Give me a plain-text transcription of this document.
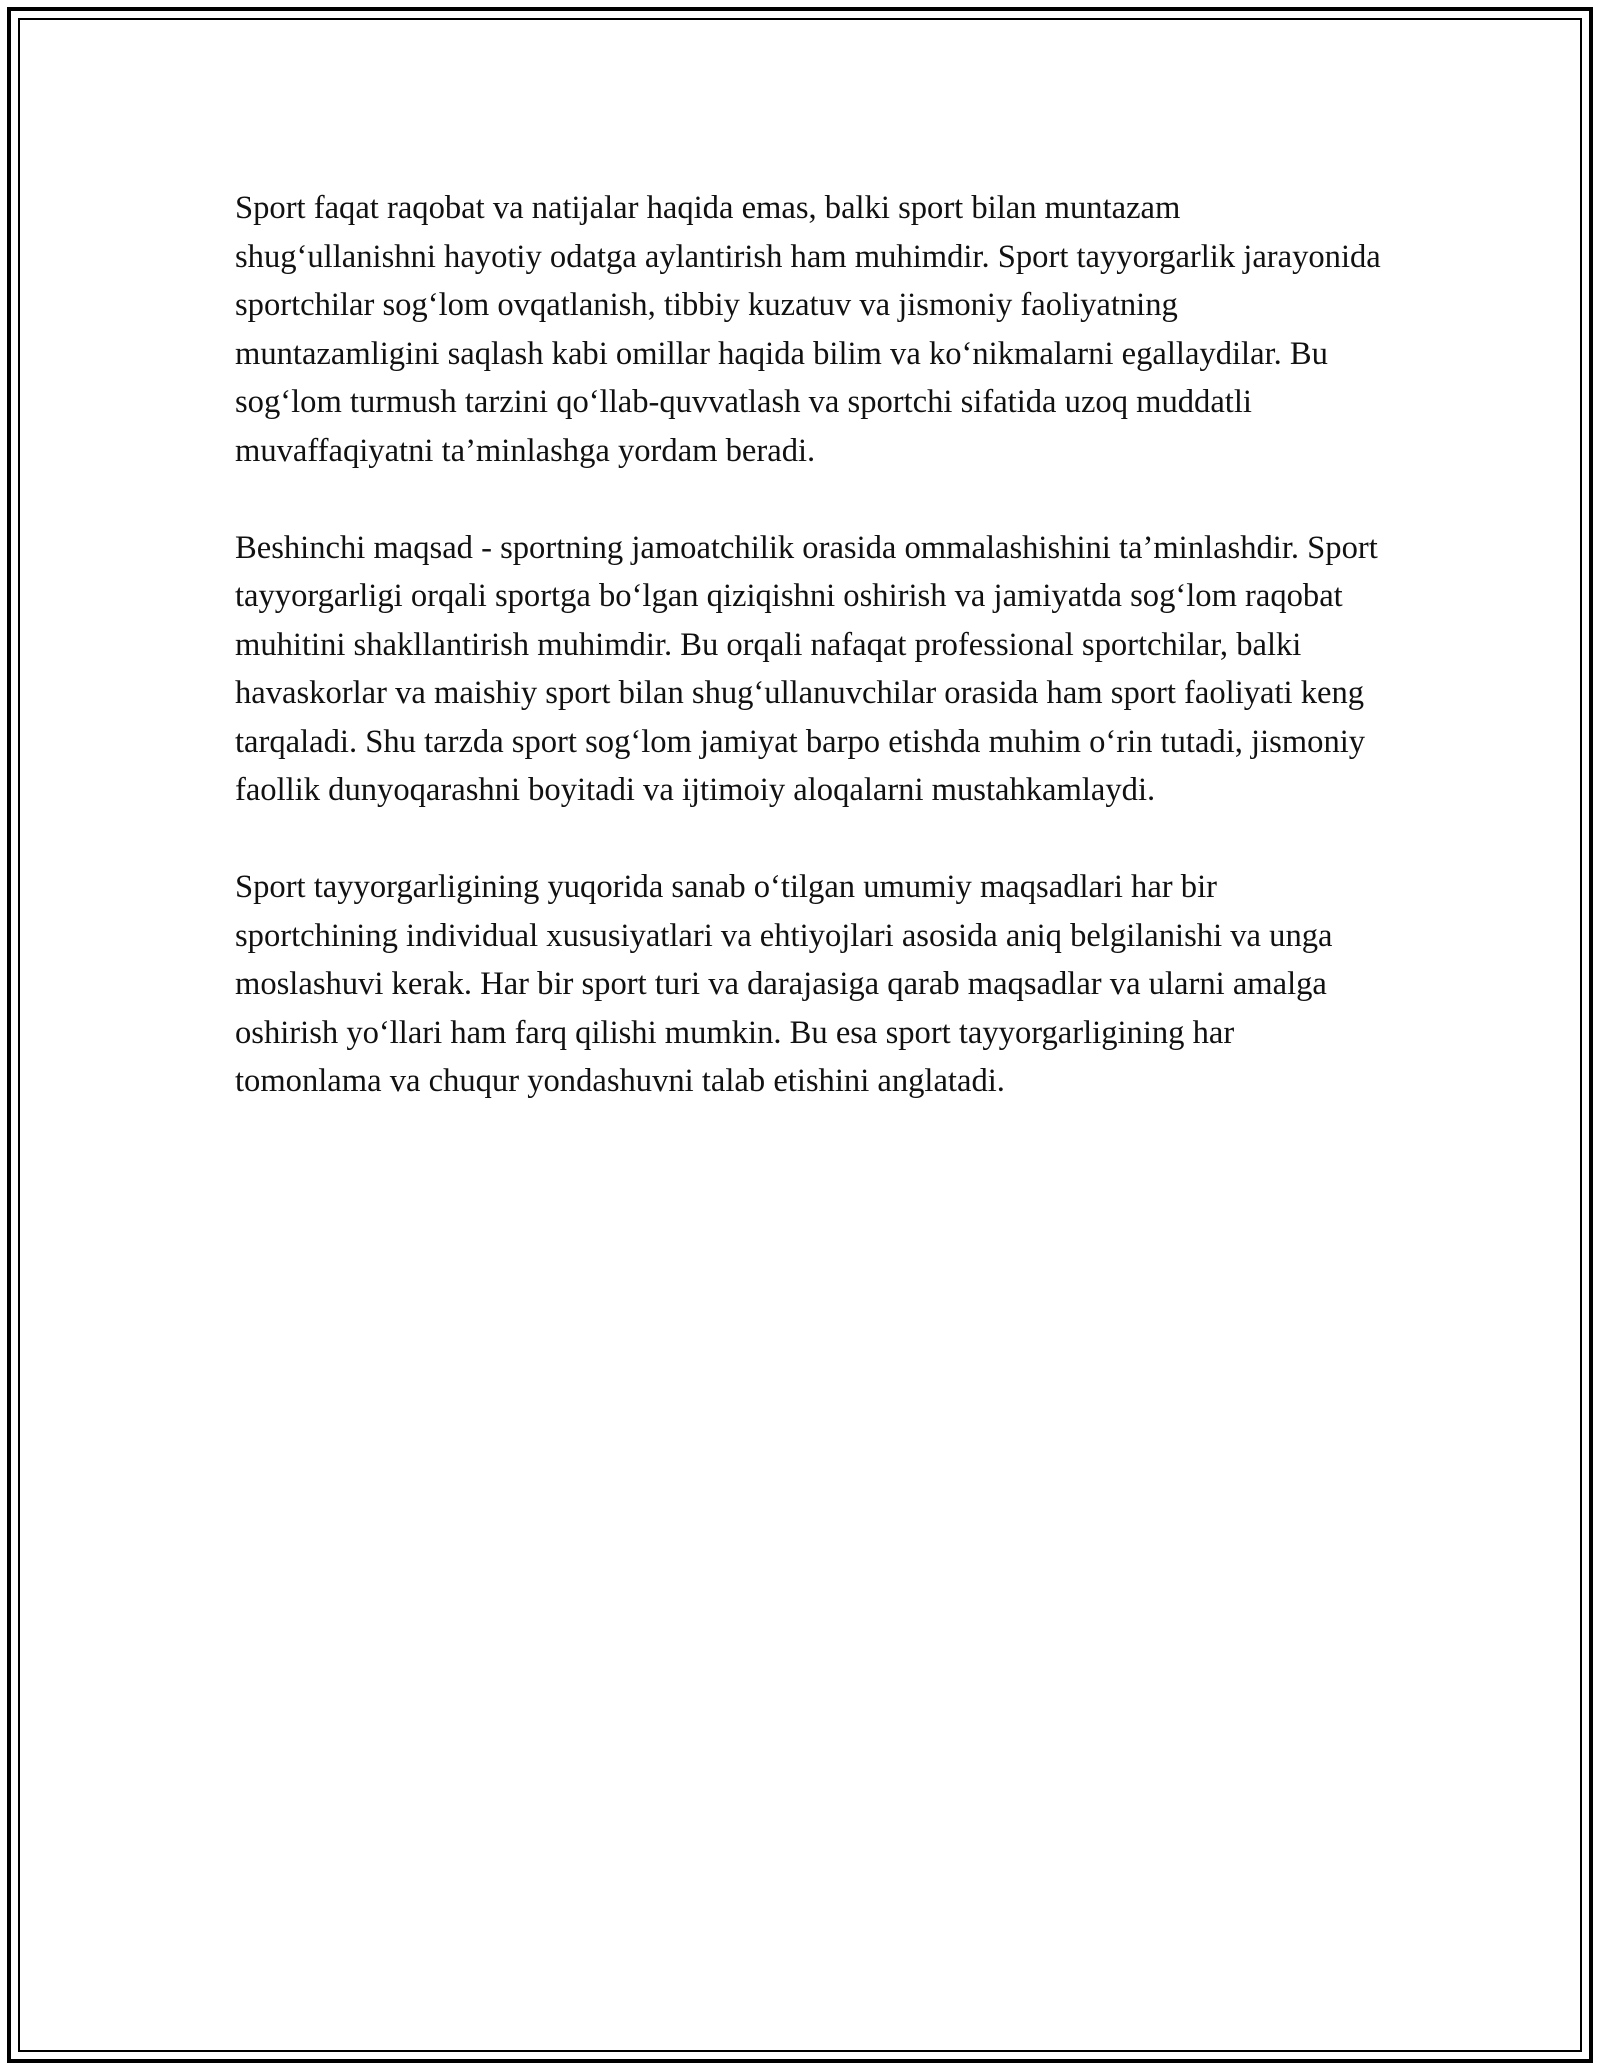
Sport faqat raqobat va natijalar haqida emas, balki sport bilan muntazam shug‘ullanishni hayotiy odatga aylantirish ham muhimdir. Sport tayyorgarlik jarayonida sportchilar sog‘lom ovqatlanish, tibbiy kuzatuv va jismoniy faoliyatning muntazamligini saqlash kabi omillar haqida bilim va ko‘nikmalarni egallaydilar. Bu sog‘lom turmush tarzini qo‘llab-quvvatlash va sportchi sifatida uzoq muddatli muvaffaqiyatni ta’minlashga yordam beradi.

Beshinchi maqsad - sportning jamoatchilik orasida ommalashishini ta’minlashdir. Sport tayyorgarligi orqali sportga bo‘lgan qiziqishni oshirish va jamiyatda sog‘lom raqobat muhitini shakllantirish muhimdir. Bu orqali nafaqat professional sportchilar, balki havaskorlar va maishiy sport bilan shug‘ullanuvchilar orasida ham sport faoliyati keng tarqaladi. Shu tarzda sport sog‘lom jamiyat barpo etishda muhim o‘rin tutadi, jismoniy faollik dunyoqarashni boyitadi va ijtimoiy aloqalarni mustahkamlaydi.

Sport tayyorgarligining yuqorida sanab o‘tilgan umumiy maqsadlari har bir sportchining individual xususiyatlari va ehtiyojlari asosida aniq belgilanishi va unga moslashuvi kerak. Har bir sport turi va darajasiga qarab maqsadlar va ularni amalga oshirish yo‘llari ham farq qilishi mumkin. Bu esa sport tayyorgarligining har tomonlama va chuqur yondashuvni talab etishini anglatadi.
